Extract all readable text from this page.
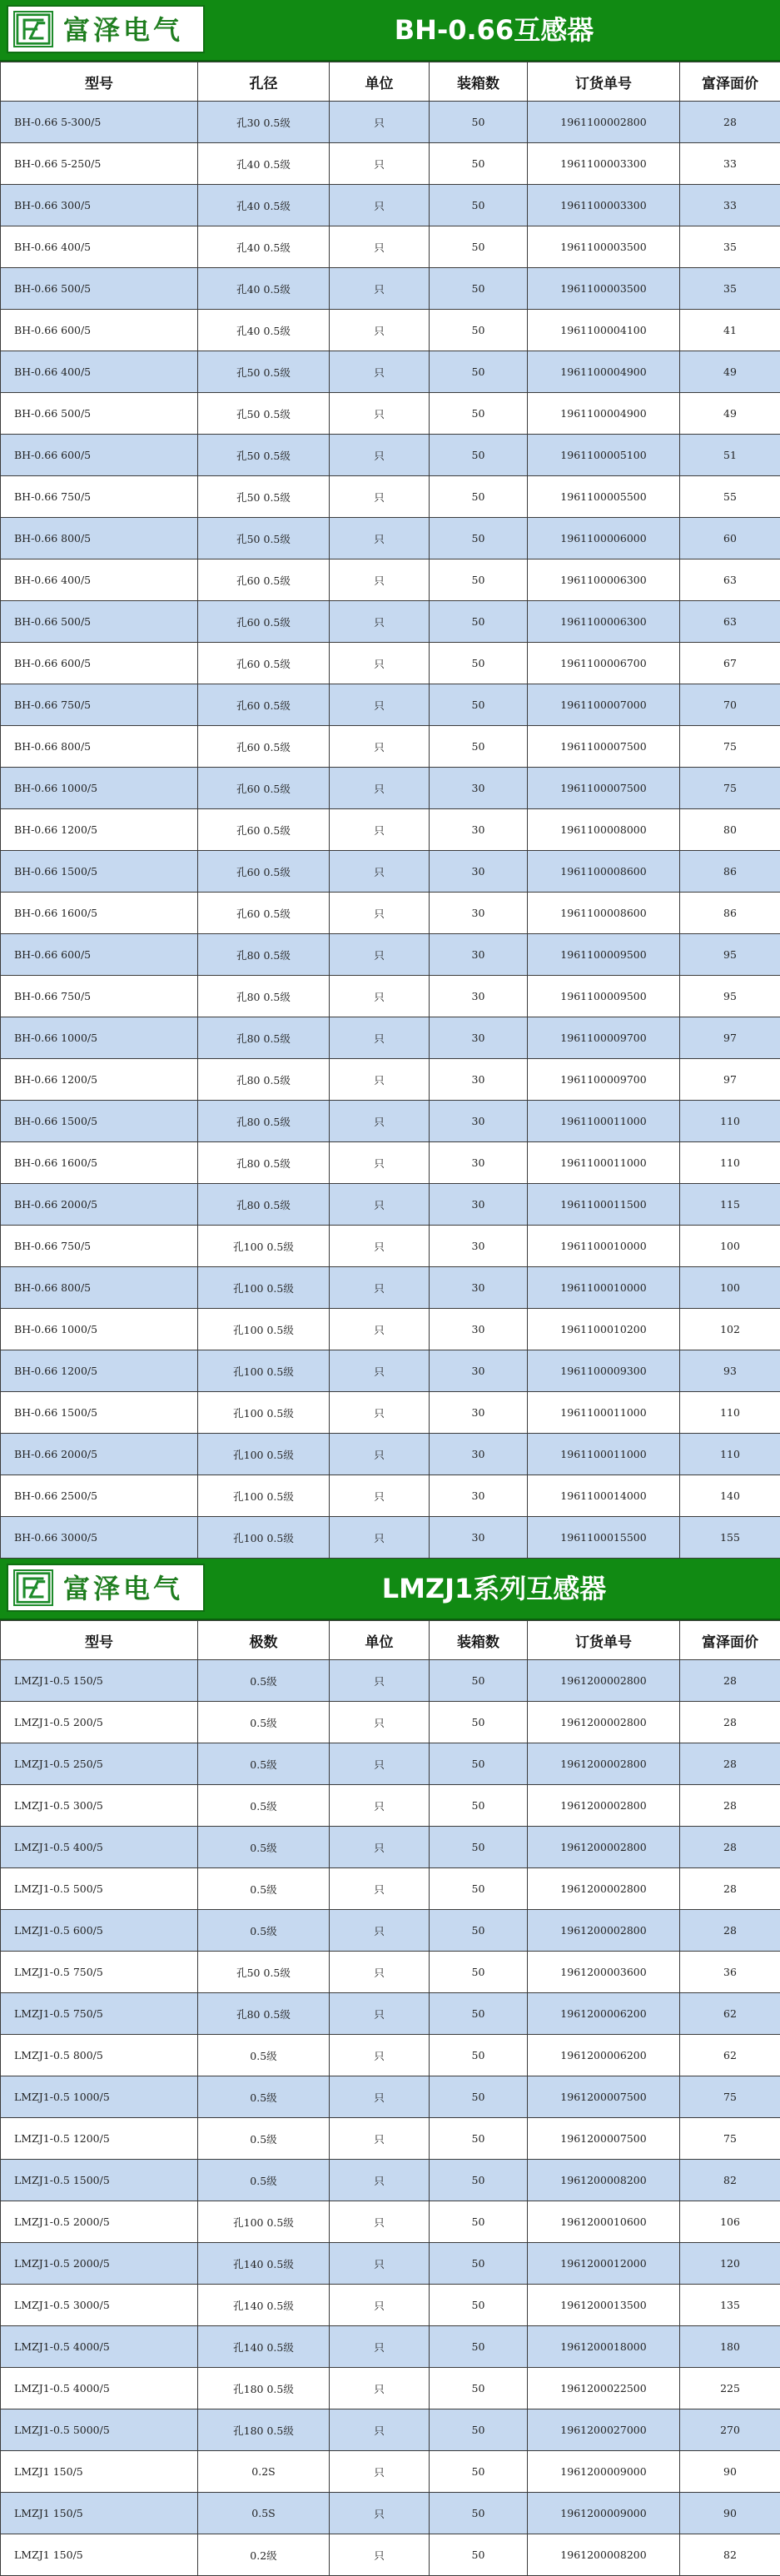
富泽电气	BH-0.66互感器
型号	孔径	单位	装箱数	订货单号	富泽面价
BH-0.66 5-300/5	孔30 0.5级	只	50	1961100002800	28
BH-0.66 5-250/5	孔40 0.5级	只	50	1961100003300	33
BH-0.66 300/5	孔40 0.5级	只	50	1961100003300	33
BH-0.66 400/5	孔40 0.5级	只	50	1961100003500	35
BH-0.66 500/5	孔40 0.5级	只	50	1961100003500	35
BH-0.66 600/5	孔40 0.5级	只	50	1961100004100	41
BH-0.66 400/5	孔50 0.5级	只	50	1961100004900	49
BH-0.66 500/5	孔50 0.5级	只	50	1961100004900	49
BH-0.66 600/5	孔50 0.5级	只	50	1961100005100	51
BH-0.66 750/5	孔50 0.5级	只	50	1961100005500	55
BH-0.66 800/5	孔50 0.5级	只	50	1961100006000	60
BH-0.66 400/5	孔60 0.5级	只	50	1961100006300	63
BH-0.66 500/5	孔60 0.5级	只	50	1961100006300	63
BH-0.66 600/5	孔60 0.5级	只	50	1961100006700	67
BH-0.66 750/5	孔60 0.5级	只	50	1961100007000	70
BH-0.66 800/5	孔60 0.5级	只	50	1961100007500	75
BH-0.66 1000/5	孔60 0.5级	只	30	1961100007500	75
BH-0.66 1200/5	孔60 0.5级	只	30	1961100008000	80
BH-0.66 1500/5	孔60 0.5级	只	30	1961100008600	86
BH-0.66 1600/5	孔60 0.5级	只	30	1961100008600	86
BH-0.66 600/5	孔80 0.5级	只	30	1961100009500	95
BH-0.66 750/5	孔80 0.5级	只	30	1961100009500	95
BH-0.66 1000/5	孔80 0.5级	只	30	1961100009700	97
BH-0.66 1200/5	孔80 0.5级	只	30	1961100009700	97
BH-0.66 1500/5	孔80 0.5级	只	30	1961100011000	110
BH-0.66 1600/5	孔80 0.5级	只	30	1961100011000	110
BH-0.66 2000/5	孔80 0.5级	只	30	1961100011500	115
BH-0.66 750/5	孔100 0.5级	只	30	1961100010000	100
BH-0.66 800/5	孔100 0.5级	只	30	1961100010000	100
BH-0.66 1000/5	孔100 0.5级	只	30	1961100010200	102
BH-0.66 1200/5	孔100 0.5级	只	30	1961100009300	93
BH-0.66 1500/5	孔100 0.5级	只	30	1961100011000	110
BH-0.66 2000/5	孔100 0.5级	只	30	1961100011000	110
BH-0.66 2500/5	孔100 0.5级	只	30	1961100014000	140
BH-0.66 3000/5	孔100 0.5级	只	30	1961100015500	155
富泽电气	LMZJ1系列互感器
型号	极数	单位	装箱数	订货单号	富泽面价
LMZJ1-0.5 150/5	0.5级	只	50	1961200002800	28
LMZJ1-0.5 200/5	0.5级	只	50	1961200002800	28
LMZJ1-0.5 250/5	0.5级	只	50	1961200002800	28
LMZJ1-0.5 300/5	0.5级	只	50	1961200002800	28
LMZJ1-0.5 400/5	0.5级	只	50	1961200002800	28
LMZJ1-0.5 500/5	0.5级	只	50	1961200002800	28
LMZJ1-0.5 600/5	0.5级	只	50	1961200002800	28
LMZJ1-0.5 750/5	孔50 0.5级	只	50	1961200003600	36
LMZJ1-0.5 750/5	孔80 0.5级	只	50	1961200006200	62
LMZJ1-0.5 800/5	0.5级	只	50	1961200006200	62
LMZJ1-0.5 1000/5	0.5级	只	50	1961200007500	75
LMZJ1-0.5 1200/5	0.5级	只	50	1961200007500	75
LMZJ1-0.5 1500/5	0.5级	只	50	1961200008200	82
LMZJ1-0.5 2000/5	孔100 0.5级	只	50	1961200010600	106
LMZJ1-0.5 2000/5	孔140 0.5级	只	50	1961200012000	120
LMZJ1-0.5 3000/5	孔140 0.5级	只	50	1961200013500	135
LMZJ1-0.5 4000/5	孔140 0.5级	只	50	1961200018000	180
LMZJ1-0.5 4000/5	孔180 0.5级	只	50	1961200022500	225
LMZJ1-0.5 5000/5	孔180 0.5级	只	50	1961200027000	270
LMZJ1 150/5	0.2S	只	50	1961200009000	90
LMZJ1 150/5	0.5S	只	50	1961200009000	90
LMZJ1 150/5	0.2级	只	50	1961200008200	82
